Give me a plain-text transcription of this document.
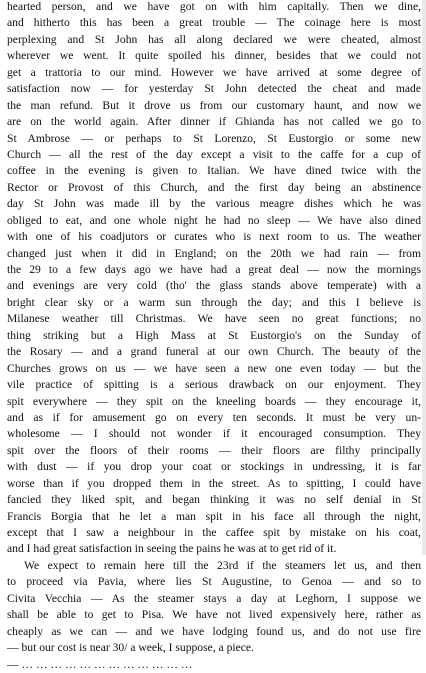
hearted person, and we have got on with him capitally. Then we dine,
and hitherto this has been a great trouble — The coinage here is most
perplexing and St John has all along declared we were cheated, almost
wherever we went. It quite spoiled his dinner, besides that we could not
get a trattoria to our mind. However we have arrived at some degree of
satisfaction now — for yesterday St John detected the cheat and made
the man refund. But it drove us from our customary haunt, and now we
are on the world again. After dinner if Ghianda has not called we go to
St Ambrose — or perhaps to St Lorenzo, St Eustorgio or some new
Church — all the rest of the day except a visit to the caffe for a cup of
coffee in the evening is given to Italian. We have dined twice with the
Rector or Provost of this Church, and the first day being an abstinence
day St John was made ill by the various meagre dishes which he was
obliged to eat, and one whole night he had no sleep — We have also dined
with one of his coadjutors or curates who is next room to us. The weather
changed just when it did in England; on the 20th we had rain — from
the 29 to a few days ago we have had a great deal — now the mornings
and evenings are very cold (tho' the glass stands above temperate) with a
bright clear sky or a warm sun through the day; and this I believe is
Milanese weather till Christmas. We have seen no great functions; no
thing striking but a High Mass at St Eustorgio's on the Sunday of
the Rosary — and a grand funeral at our own Church. The beauty of the
Churches grows on us — we have seen a new one even today — but the
vile practice of spitting is a serious drawback on our enjoyment. They
spit everywhere — they spit on the kneeling boards — they encourage it,
and as if for amusement go on every ten seconds. It must be very un-
wholesome — I should not wonder if it encouraged consumption. They
spit over the floors of their rooms — their floors are filthy principally
with dust — if you drop your coat or stockings in undressing, it is far
worse than if you dropped them in the street. As to spitting, I could have
fancied they liked spit, and began thinking it was no self denial in St
Francis Borgia that he let a man spit in his face all through the night,
except that I saw a neighbour in the caffee spit by mistake on his coat,
and I had great satisfaction in seeing the pains he was at to get rid of it.
We expect to remain here till the 23rd if the steamers let us, and then
to proceed via Pavia, where lies St Augustine, to Genoa — and so to
Civita Vecchia — As the steamer stays a day at Leghorn, I suppose we
shall be able to get to Pisa. We have not lived expensively here, rather as
cheaply as we can — and we have lodging found us, and do not use fire
— but our cost is near 30/ a week, I suppose, a piece.
— … … … … … … … … … … … …
